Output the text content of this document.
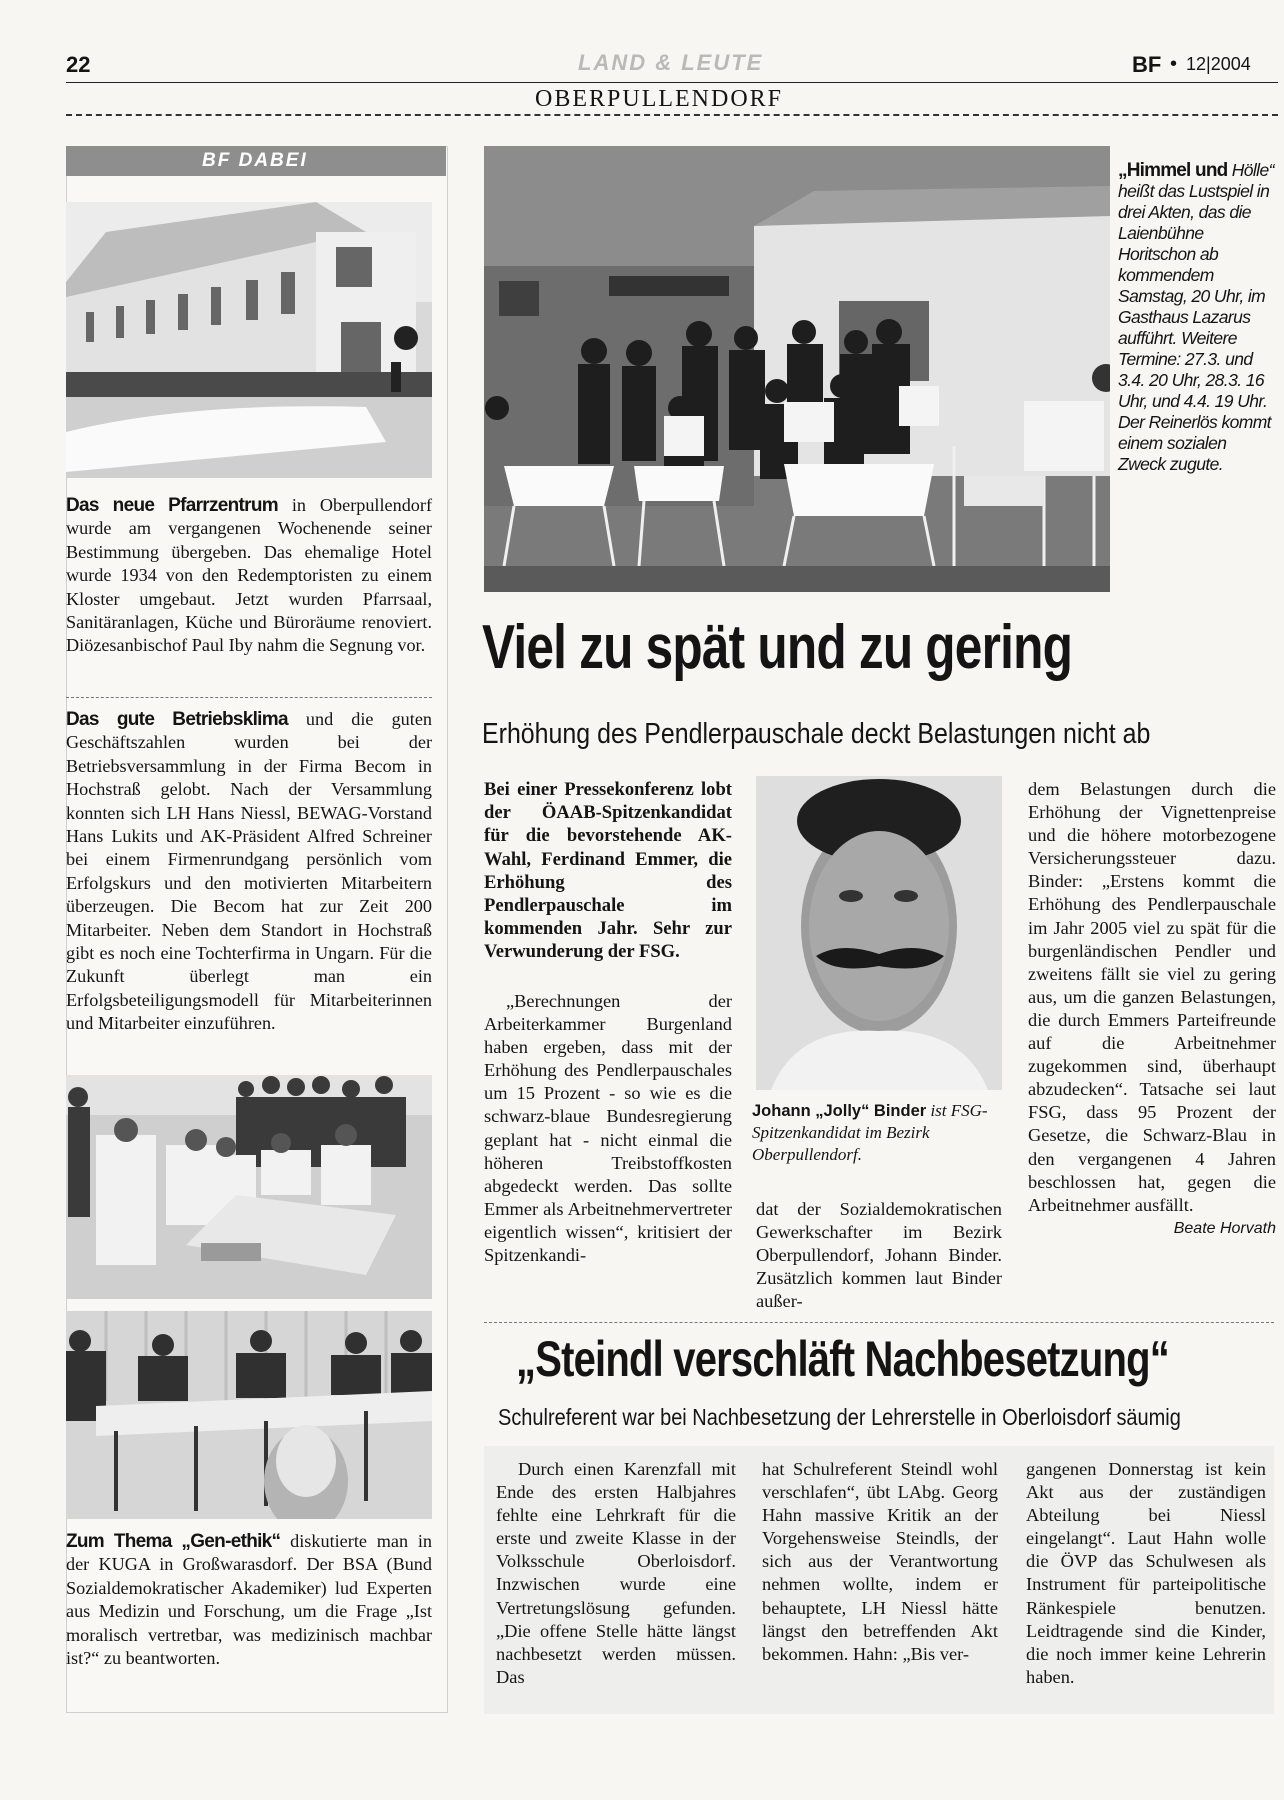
22	LAND & LEUTE	BF • 12|2004
OBERPULLENDORF
BF DABEI
Das neue Pfarrzentrum in Oberpullendorf wurde am vergangenen Wochenende seiner Bestimmung übergeben. Das ehemalige Hotel wurde 1934 von den Redemptoristen zu einem Kloster umgebaut. Jetzt wurden Pfarrsaal, Sanitäranlagen, Küche und Büroräume renoviert. Diözesanbischof Paul Iby nahm die Segnung vor.
Das gute Betriebsklima und die guten Geschäftszahlen wurden bei der Betriebsversammlung in der Firma Becom in Hochstraß gelobt. Nach der Versammlung konnten sich LH Hans Niessl, BEWAG-Vorstand Hans Lukits und AK-Präsident Alfred Schreiner bei einem Firmenrundgang persönlich vom Erfolgskurs und den motivierten Mitarbeitern überzeugen. Die Becom hat zur Zeit 200 Mitarbeiter. Neben dem Standort in Hochstraß gibt es noch eine Tochterfirma in Ungarn. Für die Zukunft überlegt man ein Erfolgsbeteiligungsmodell für Mitarbeiterinnen und Mitarbeiter einzuführen.
Zum Thema „Gen-ethik“ diskutierte man in der KUGA in Großwarasdorf. Der BSA (Bund Sozialdemokratischer Akademiker) lud Experten aus Medizin und Forschung, um die Frage „Ist moralisch vertretbar, was medizinisch machbar ist?“ zu beantworten.
„Himmel und Hölle“ heißt das Lustspiel in drei Akten, das die Laienbühne Horitschon ab kommendem Samstag, 20 Uhr, im Gasthaus Lazarus aufführt. Weitere Termine: 27.3. und 3.4. 20 Uhr, 28.3. 16 Uhr, und 4.4. 19 Uhr. Der Reinerlös kommt einem sozialen Zweck zugute.
Viel zu spät und zu gering
Erhöhung des Pendlerpauschale deckt Belastungen nicht ab
Bei einer Pressekonferenz lobt der ÖAAB-Spitzenkandidat für die bevorstehende AK-Wahl, Ferdinand Emmer, die Erhöhung des Pendlerpauschale im kommenden Jahr. Sehr zur Verwunderung der FSG.
„Berechnungen der Arbeiterkammer Burgenland haben ergeben, dass mit der Erhöhung des Pendlerpauschales um 15 Prozent - so wie es die schwarz-blaue Bundesregierung geplant hat - nicht einmal die höheren Treibstoffkosten abgedeckt werden. Das sollte Emmer als Arbeitnehmervertreter eigentlich wissen“, kritisiert der Spitzenkandi-
Johann „Jolly“ Binder ist FSG-Spitzenkandidat im Bezirk Oberpullendorf.
dat der Sozialdemokratischen Gewerkschafter im Bezirk Oberpullendorf, Johann Binder. Zusätzlich kommen laut Binder außer-
dem Belastungen durch die Erhöhung der Vignettenpreise und die höhere motorbezogene Versicherungssteuer dazu. Binder: „Erstens kommt die Erhöhung des Pendlerpauschale im Jahr 2005 viel zu spät für die burgenländischen Pendler und zweitens fällt sie viel zu gering aus, um die ganzen Belastungen, die durch Emmers Parteifreunde auf die Arbeitnehmer zugekommen sind, überhaupt abzudecken“. Tatsache sei laut FSG, dass 95 Prozent der Gesetze, die Schwarz-Blau in den vergangenen 4 Jahren beschlossen hat, gegen die Arbeitnehmer ausfällt.
Beate Horvath
„Steindl verschläft Nachbesetzung“
Schulreferent war bei Nachbesetzung der Lehrerstelle in Oberloisdorf säumig
Durch einen Karenzfall mit Ende des ersten Halbjahres fehlte eine Lehrkraft für die erste und zweite Klasse in der Volksschule Oberloisdorf. Inzwischen wurde eine Vertretungslösung gefunden. „Die offene Stelle hätte längst nachbesetzt werden müssen. Das
hat Schulreferent Steindl wohl verschlafen“, übt LAbg. Georg Hahn massive Kritik an der Vorgehensweise Steindls, der sich aus der Verantwortung nehmen wollte, indem er behauptete, LH Niessl hätte längst den betreffenden Akt bekommen. Hahn: „Bis ver-
gangenen Donnerstag ist kein Akt aus der zuständigen Abteilung bei Niessl eingelangt“. Laut Hahn wolle die ÖVP das Schulwesen als Instrument für parteipolitische Ränkespiele benutzen. Leidtragende sind die Kinder, die noch immer keine Lehrerin haben.
